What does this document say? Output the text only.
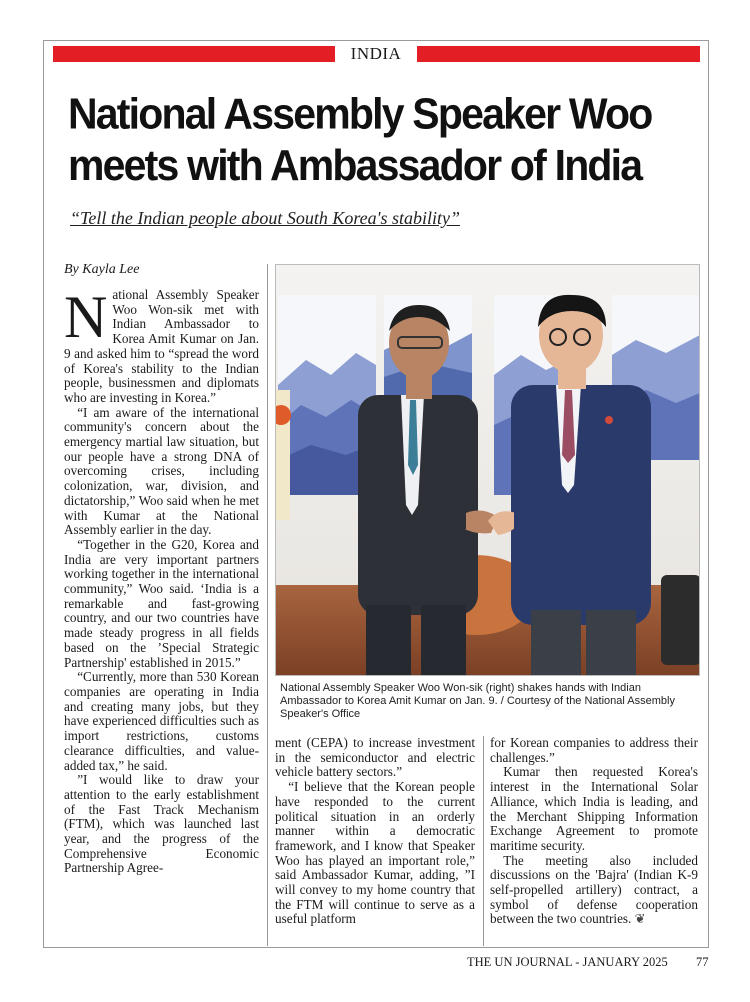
INDIA
National Assembly Speaker Woo meets with Ambassador of India
“Tell the Indian people about South Korea's stability”
By Kayla Lee

National Assembly Speaker Woo Won-sik met with Indian Ambassador to Korea Amit Kumar on Jan. 9 and asked him to “spread the word of Korea's stability to the Indian people, businessmen and diplomats who are investing in Korea.”

“I am aware of the international community's concern about the emergency martial law situation, but our people have a strong DNA of overcoming crises, including colonization, war, division, and dictatorship,” Woo said when he met with Kumar at the National Assembly earlier in the day.

“Together in the G20, Korea and India are very important partners working together in the international community,” Woo said. ‘India is a remarkable and fast-growing country, and our two countries have made steady progress in all fields based on the ’Special Strategic Partnership' established in 2015.”

“Currently, more than 530 Korean companies are operating in India and creating many jobs, but they have experienced difficulties such as import restrictions, customs clearance difficulties, and value-added tax,” he said.

”I would like to draw your attention to the early establishment of the Fast Track Mechanism (FTM), which was launched last year, and the progress of the Comprehensive Economic Partnership Agree-

National Assembly Speaker Woo Won-sik (right) shakes hands with Indian Ambassador to Korea Amit Kumar on Jan. 9. / Courtesy of the National Assembly Speaker's Office

ment (CEPA) to increase investment in the semiconductor and electric vehicle battery sectors.”

“I believe that the Korean people have responded to the current political situation in an orderly manner within a democratic framework, and I know that Speaker Woo has played an important role,” said Ambassador Kumar, adding, ”I will convey to my home country that the FTM will continue to serve as a useful platform

for Korean companies to address their challenges.”

Kumar then requested Korea's interest in the International Solar Alliance, which India is leading, and the Merchant Shipping Information Exchange Agreement to promote maritime security.

The meeting also included discussions on the 'Bajra' (Indian K-9 self-propelled artillery) contract, a symbol of defense cooperation between the two countries. ❦

THE UN JOURNAL - JANUARY 2025 77
